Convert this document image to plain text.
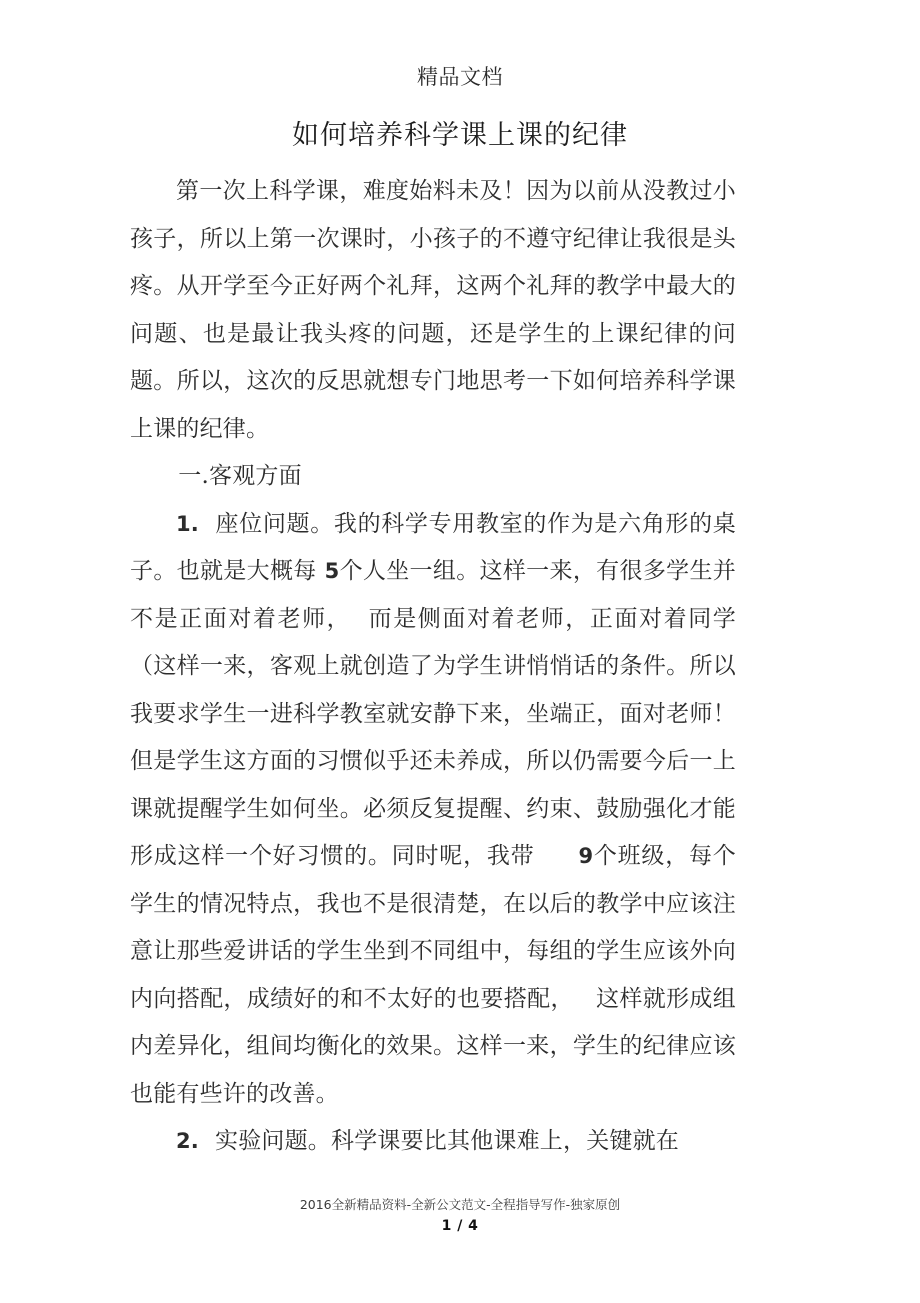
精品文档
如何培养科学课上课的纪律

第一次上科学课，难度始料未及！因为以前从没教过小孩子，所以上第一次课时，小孩子的不遵守纪律让我很是头疼。从开学至今正好两个礼拜，这两个礼拜的教学中最大的问题、也是最让我头疼的问题，还是学生的上课纪律的问题。所以，这次的反思就想专门地思考一下如何培养科学课上课的纪律。

一.客观方面

1. 座位问题。我的科学专用教室的作为是六角形的桌子。也就是大概每 5个人坐一组。这样一来，有很多学生并不是正面对着老师， 而是侧面对着老师，正面对着同学（这样一来，客观上就创造了为学生讲悄悄话的条件。所以我要求学生一进科学教室就安静下来，坐端正，面对老师！但是学生这方面的习惯似乎还未养成，所以仍需要今后一上课就提醒学生如何坐。必须反复提醒、约束、鼓励强化才能形成这样一个好习惯的。同时呢，我带 9个班级，每个学生的情况特点，我也不是很清楚，在以后的教学中应该注意让那些爱讲话的学生坐到不同组中，每组的学生应该外向内向搭配，成绩好的和不太好的也要搭配， 这样就形成组内差异化，组间均衡化的效果。这样一来，学生的纪律应该也能有些许的改善。

2. 实验问题。科学课要比其他课难上，关键就在

2016全新精品资料-全新公文范文-全程指导写作-独家原创
1 / 4
